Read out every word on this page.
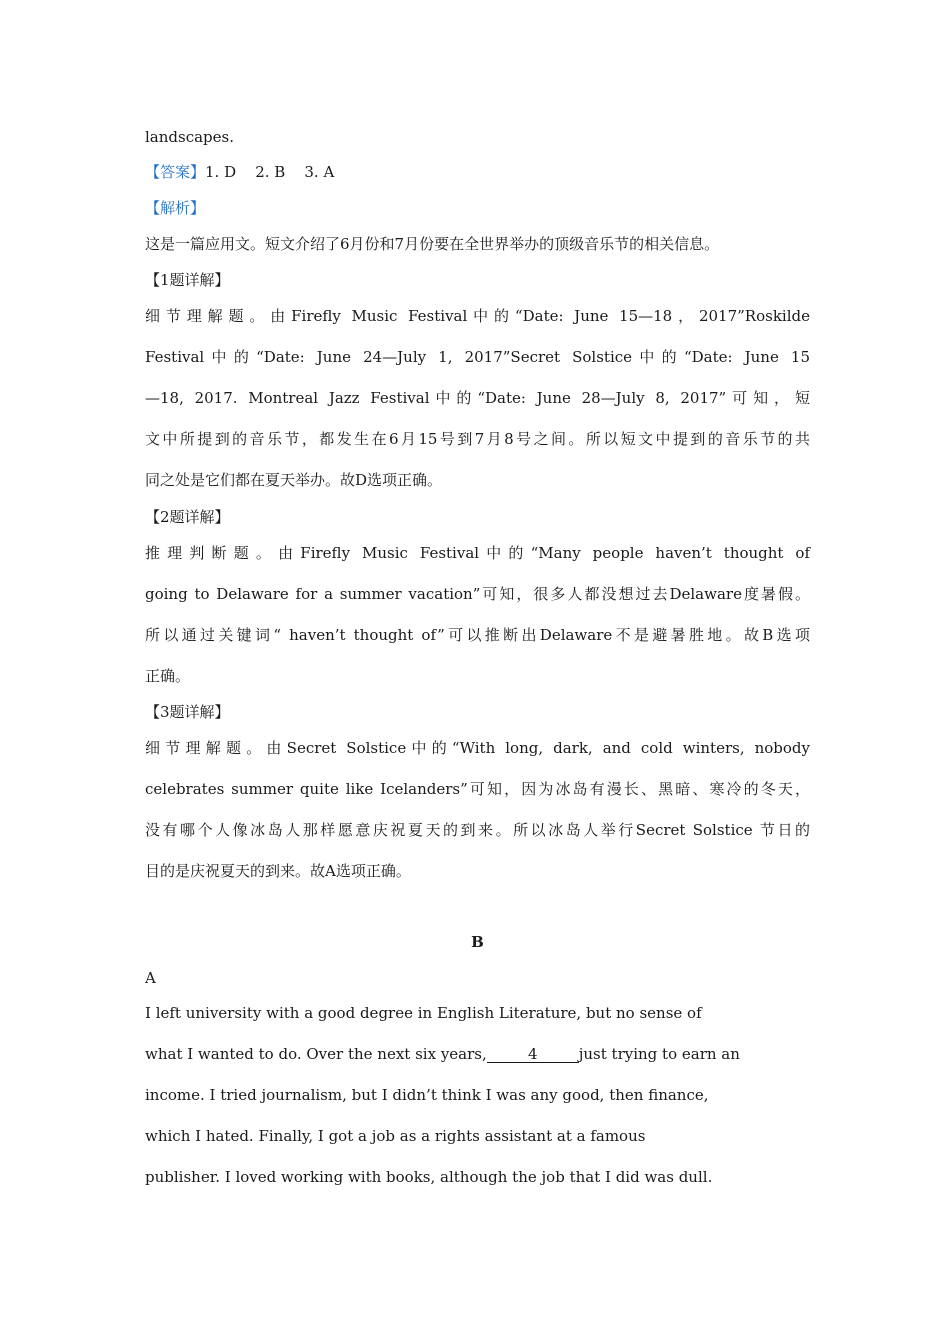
landscapes.
【答案】1. D    2. B    3. A
【解析】
这是一篇应用文。短文介绍了6月份和7月份要在全世界举办的顶级音乐节的相关信息。
【1题详解】
细节理解题。由Firefly Music Festival中的“Date: June 15—18，2017”Roskilde
Festival中的“Date: June 24—July 1, 2017”Secret Solstice中的“Date: June 15
—18, 2017. Montreal Jazz Festival中的“Date: June 28—July 8, 2017”可知，短
文中所提到的音乐节，都发生在6月15号到7月8号之间。所以短文中提到的音乐节的共
同之处是它们都在夏天举办。故D选项正确。
【2题详解】
推理判断题。由Firefly Music Festival中的“Many people haven’t thought of
going to Delaware for a summer vacation”可知，很多人都没想过去Delaware度暑假。
所以通过关键词“ haven’t thought of”可以推断出Delaware不是避暑胜地。故B选项
正确。
【3题详解】
细节理解题。由Secret Solstice中的“With long, dark, and cold winters, nobody
celebrates summer quite like Icelanders”可知，因为冰岛有漫长、黑暗、寒冷的冬天，
没有哪个人像冰岛人那样愿意庆祝夏天的到来。所以冰岛人举行Secret Solstice 节日的
目的是庆祝夏天的到来。故A选项正确。
B
A
I left university with a good degree in English Literature, but no sense of
what I wanted to do. Over the next six years,	4	just trying to earn an
income. I tried journalism, but I didn’t think I was any good, then finance,
which I hated. Finally, I got a job as a rights assistant at a famous
publisher. I loved working with books, although the job that I did was dull.
